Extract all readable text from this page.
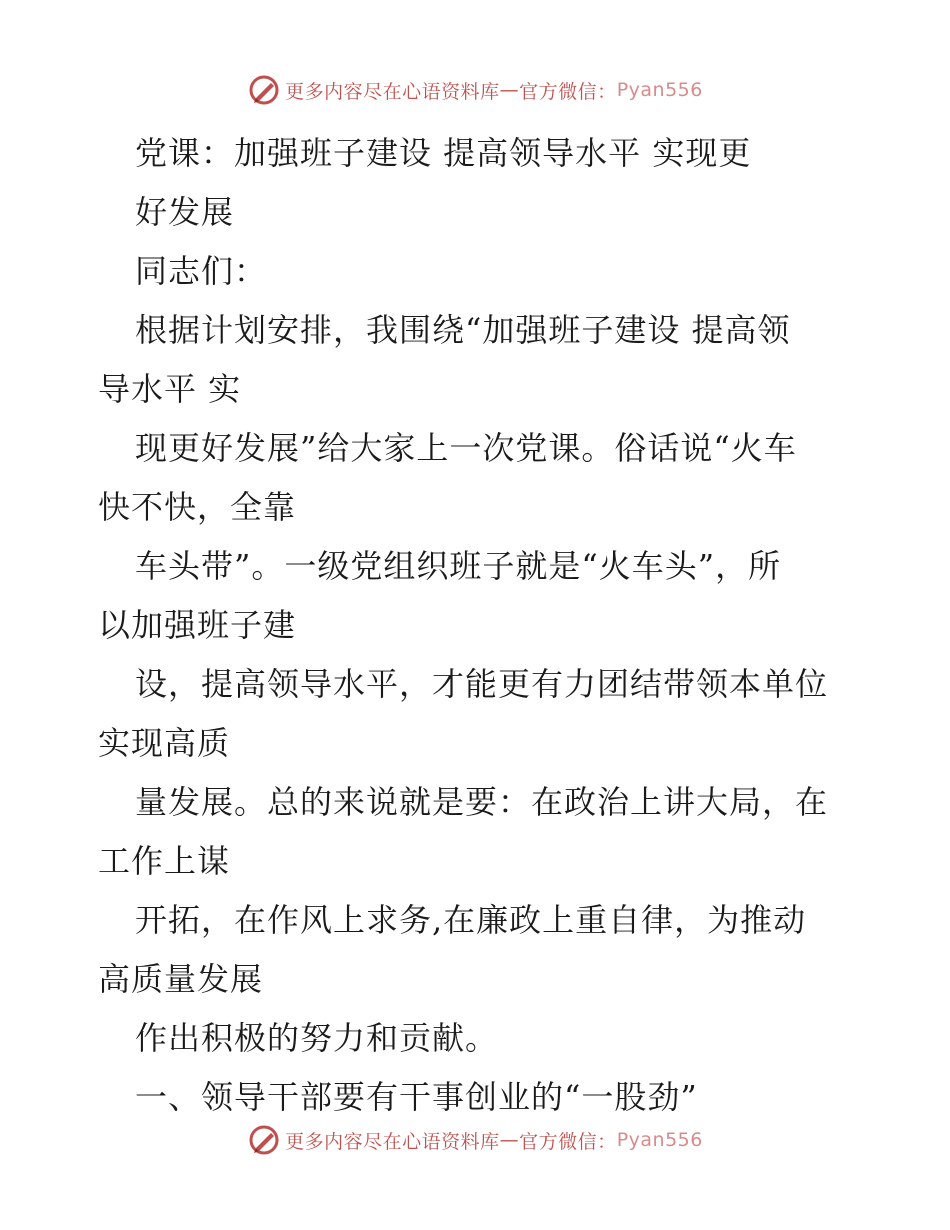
更多内容尽在心语资料库 — 官方微信： Pyan556
党课：加强班子建设 提高领导水平 实现更
好发展
同志们：
根据计划安排，我围绕“加强班子建设 提高领
导水平 实
现更好发展”给大家上一次党课。俗话说“火车
快不快，全靠
车头带”。一级党组织班子就是“火车头”，所
以加强班子建
设，提高领导水平，才能更有力团结带领本单位
实现高质
量发展。总的来说就是要：在政治上讲大局，在
工作上谋
开拓，在作风上求务,在廉政上重自律，为推动
高质量发展
作出积极的努力和贡献。
一、领导干部要有干事创业的“一股劲”
更多内容尽在心语资料库 — 官方微信： Pyan556
